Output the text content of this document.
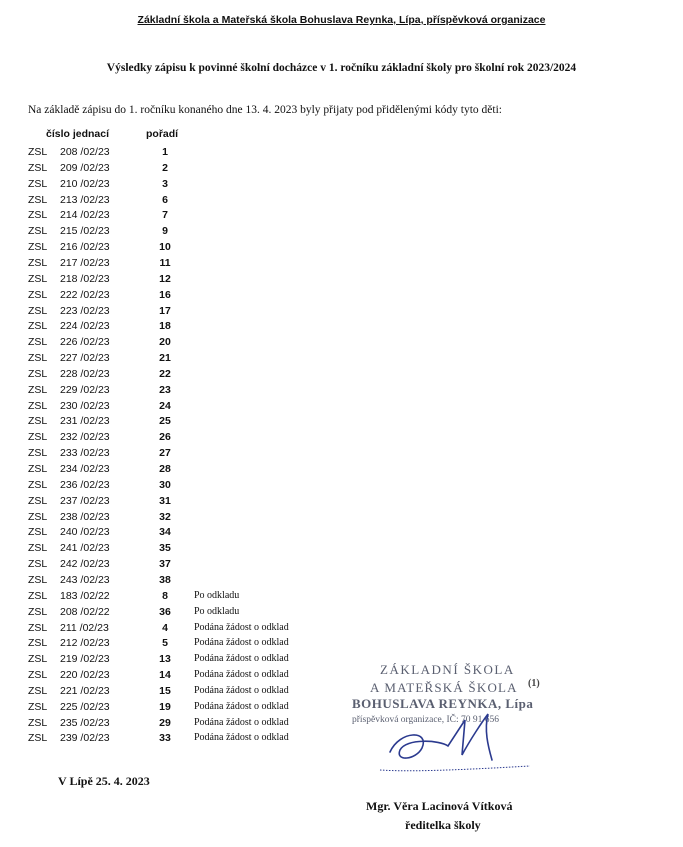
Základní škola a Mateřská škola Bohuslava Reynka, Lípa, příspěvková organizace
Výsledky zápisu k povinné školní docházce v 1. ročníku základní školy pro školní rok 2023/2024
Na základě zápisu do 1. ročníku konaného dne 13. 4. 2023 byly přijaty pod přidělenými kódy tyto děti:
číslo jednací	pořadí
ZSL 208 /02/23	1
ZSL 209 /02/23	2
ZSL 210 /02/23	3
ZSL 213 /02/23	6
ZSL 214 /02/23	7
ZSL 215 /02/23	9
ZSL 216 /02/23	10
ZSL 217 /02/23	11
ZSL 218 /02/23	12
ZSL 222 /02/23	16
ZSL 223 /02/23	17
ZSL 224 /02/23	18
ZSL 226 /02/23	20
ZSL 227 /02/23	21
ZSL 228 /02/23	22
ZSL 229 /02/23	23
ZSL 230 /02/23	24
ZSL 231 /02/23	25
ZSL 232 /02/23	26
ZSL 233 /02/23	27
ZSL 234 /02/23	28
ZSL 236 /02/23	30
ZSL 237 /02/23	31
ZSL 238 /02/23	32
ZSL 240 /02/23	34
ZSL 241 /02/23	35
ZSL 242 /02/23	37
ZSL 243 /02/23	38
ZSL 183 /02/22	8	Po odkladu
ZSL 208 /02/22	36	Po odkladu
ZSL 211 /02/23	4	Podána žádost o odklad
ZSL 212 /02/23	5	Podána žádost o odklad
ZSL 219 /02/23	13	Podána žádost o odklad
ZSL 220 /02/23	14	Podána žádost o odklad
ZSL 221 /02/23	15	Podána žádost o odklad
ZSL 225 /02/23	19	Podána žádost o odklad
ZSL 235 /02/23	29	Podána žádost o odklad
ZSL 239 /02/23	33	Podána žádost o odklad
V Lípě 25. 4. 2023
ZÁKLADNÍ ŠKOLA
A MATEŘSKÁ ŠKOLA
BOHUSLAVA REYNKA, Lípa
příspěvková organizace, IČ: 70 91 656
(1)
Mgr. Věra Lacinová Vítková
ředitelka školy
